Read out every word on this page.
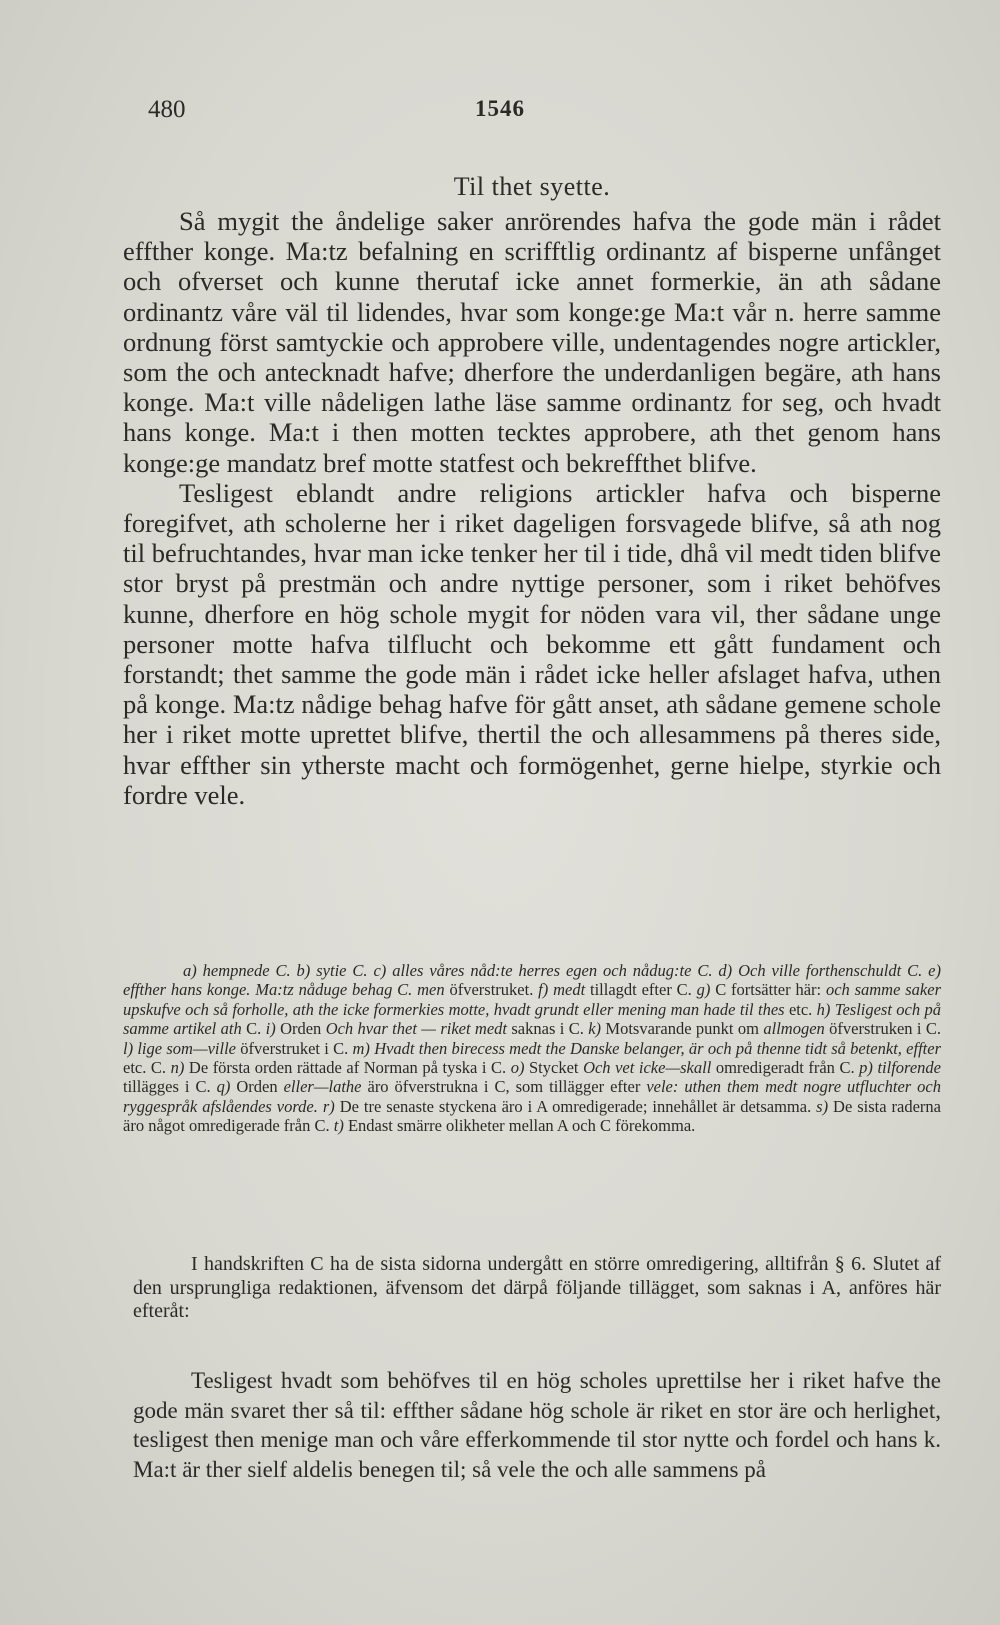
480	1546
Til thet syette.

Så mygit the åndelige saker anrörendes hafva the gode män i rådet effther konge. Ma:tz befalning en scrifftlig ordinantz af bisperne unfånget och ofverset och kunne therutaf icke annet formerkie, än ath sådane ordinantz våre väl til lidendes, hvar som konge:ge Ma:t vår n. herre samme ordnung först samtyckie och approbere ville, undentagendes nogre artickler, som the och antecknadt hafve; dherfore the underdanligen begäre, ath hans konge. Ma:t ville nådeligen lathe läse samme ordinantz for seg, och hvadt hans konge. Ma:t i then motten tecktes approbere, ath thet genom hans konge:ge mandatz bref motte statfest och bekreffthet blifve.

Tesligest eblandt andre religions artickler hafva och bisperne foregifvet, ath scholerne her i riket dageligen forsvagede blifve, så ath nog til befruchtandes, hvar man icke tenker her til i tide, dhå vil medt tiden blifve stor bryst på prestmän och andre nyttige personer, som i riket behöfves kunne, dherfore en hög schole mygit for nöden vara vil, ther sådane unge personer motte hafva tilflucht och bekomme ett gått fundament och forstandt; thet samme the gode män i rådet icke heller afslaget hafva, uthen på konge. Ma:tz nådige behag hafve för gått anset, ath sådane gemene schole her i riket motte uprettet blifve, thertil the och allesammens på theres side, hvar effther sin ytherste macht och formögenhet, gerne hielpe, styrkie och fordre vele.

a) hempnede C. b) sytie C. c) alles våres nåd:te herres egen och nådug:te C. d) Och ville forthenschuldt C. e) effther hans konge. Ma:tz nåduge behag C. men öfverstruket. f) medt tillagdt efter C. g) C fortsätter här: och samme saker upskufve och så forholle, ath the icke formerkies motte, hvadt grundt eller mening man hade til thes etc. h) Tesligest och på samme artikel ath C. i) Orden Och hvar thet — riket medt saknas i C. k) Motsvarande punkt om allmogen öfverstruken i C. l) lige som—ville öfverstruket i C. m) Hvadt then birecess medt the Danske belanger, är och på thenne tidt så betenkt, effter etc. C. n) De första orden rättade af Norman på tyska i C. o) Stycket Och vet icke—skall omredigeradt från C. p) tilforende tillägges i C. q) Orden eller—lathe äro öfverstrukna i C, som tillägger efter vele: uthen them medt nogre utfluchter och ryggespråk afslåendes vorde. r) De tre senaste styckena äro i A omredigerade; innehållet är detsamma. s) De sista raderna äro något omredigerade från C. t) Endast smärre olikheter mellan A och C förekomma.

I handskriften C ha de sista sidorna undergått en större omredigering, alltifrån § 6. Slutet af den ursprungliga redaktionen, äfvensom det därpå följande tillägget, som saknas i A, anföres här efteråt:

Tesligest hvadt som behöfves til en hög scholes uprettilse her i riket hafve the gode män svaret ther så til: effther sådane hög schole är riket en stor äre och herlighet, tesligest then menige man och våre efferkommende til stor nytte och fordel och hans k. Ma:t är ther sielf aldelis benegen til; så vele the och alle sammens på
